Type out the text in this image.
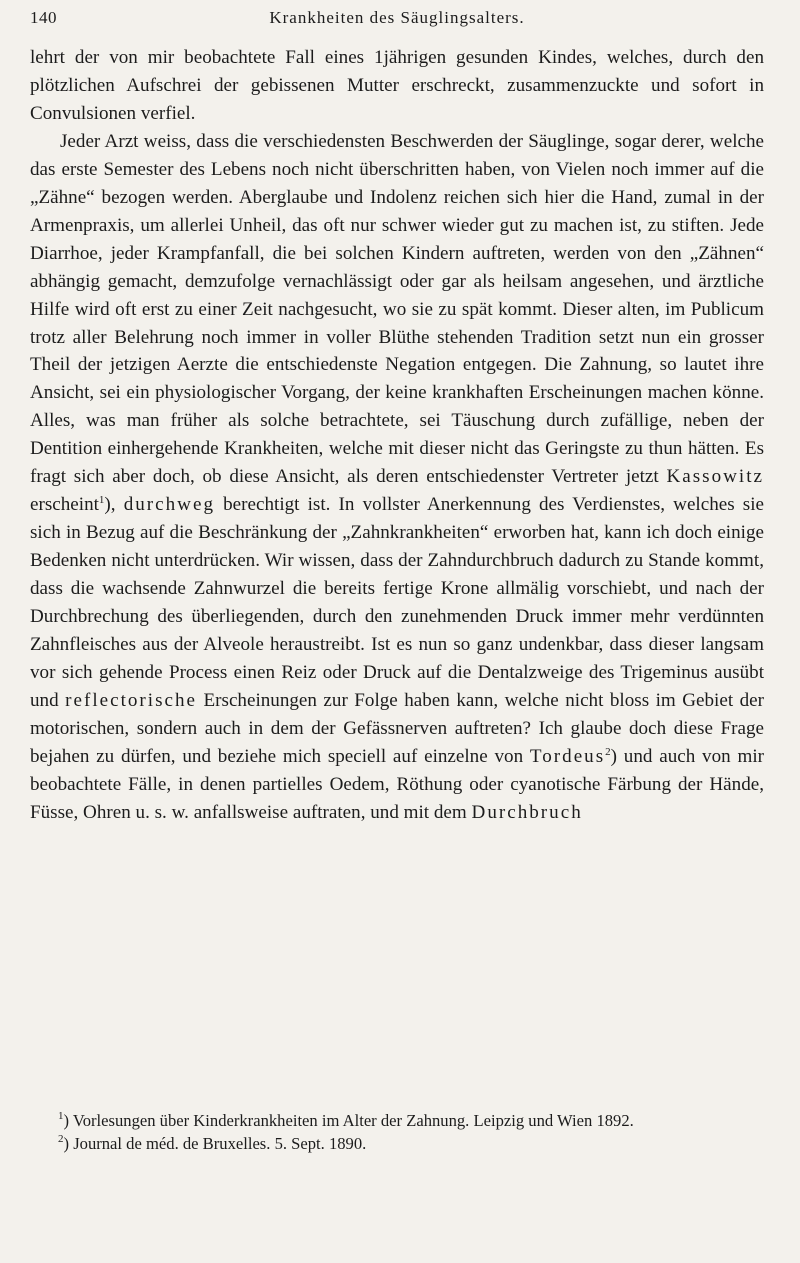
140	Krankheiten des Säuglingsalters.

lehrt der von mir beobachtete Fall eines 1jährigen gesunden Kindes, welches, durch den plötzlichen Aufschrei der gebissenen Mutter erschreckt, zusammenzuckte und sofort in Convulsionen verfiel.

Jeder Arzt weiss, dass die verschiedensten Beschwerden der Säuglinge, sogar derer, welche das erste Semester des Lebens noch nicht überschritten haben, von Vielen noch immer auf die „Zähne“ bezogen werden. Aberglaube und Indolenz reichen sich hier die Hand, zumal in der Armenpraxis, um allerlei Unheil, das oft nur schwer wieder gut zu machen ist, zu stiften. Jede Diarrhoe, jeder Krampfanfall, die bei solchen Kindern auftreten, werden von den „Zähnen“ abhängig gemacht, demzufolge vernachlässigt oder gar als heilsam angesehen, und ärztliche Hilfe wird oft erst zu einer Zeit nachgesucht, wo sie zu spät kommt. Dieser alten, im Publicum trotz aller Belehrung noch immer in voller Blüthe stehenden Tradition setzt nun ein grosser Theil der jetzigen Aerzte die entschiedenste Negation entgegen. Die Zahnung, so lautet ihre Ansicht, sei ein physiologischer Vorgang, der keine krankhaften Erscheinungen machen könne. Alles, was man früher als solche betrachtete, sei Täuschung durch zufällige, neben der Dentition einhergehende Krankheiten, welche mit dieser nicht das Geringste zu thun hätten. Es fragt sich aber doch, ob diese Ansicht, als deren entschiedenster Vertreter jetzt Kassowitz erscheint$^1$), durchweg berechtigt ist. In vollster Anerkennung des Verdienstes, welches sie sich in Bezug auf die Beschränkung der „Zahnkrankheiten“ erworben hat, kann ich doch einige Bedenken nicht unterdrücken. Wir wissen, dass der Zahndurchbruch dadurch zu Stande kommt, dass die wachsende Zahnwurzel die bereits fertige Krone allmälig vorschiebt, und nach der Durchbrechung des überliegenden, durch den zunehmenden Druck immer mehr verdünnten Zahnfleisches aus der Alveole heraustreibt. Ist es nun so ganz undenkbar, dass dieser langsam vor sich gehende Process einen Reiz oder Druck auf die Dentalzweige des Trigeminus ausübt und reflectorische Erscheinungen zur Folge haben kann, welche nicht bloss im Gebiet der motorischen, sondern auch in dem der Gefässnerven auftreten? Ich glaube doch diese Frage bejahen zu dürfen, und beziehe mich speciell auf einzelne von Tordeus$^2$) und auch von mir beobachtete Fälle, in denen partielles Oedem, Röthung oder cyanotische Färbung der Hände, Füsse, Ohren u. s. w. anfallsweise auftraten, und mit dem Durchbruch

$^1$) Vorlesungen über Kinderkrankheiten im Alter der Zahnung. Leipzig und Wien 1892.

$^2$) Journal de méd. de Bruxelles. 5. Sept. 1890.
